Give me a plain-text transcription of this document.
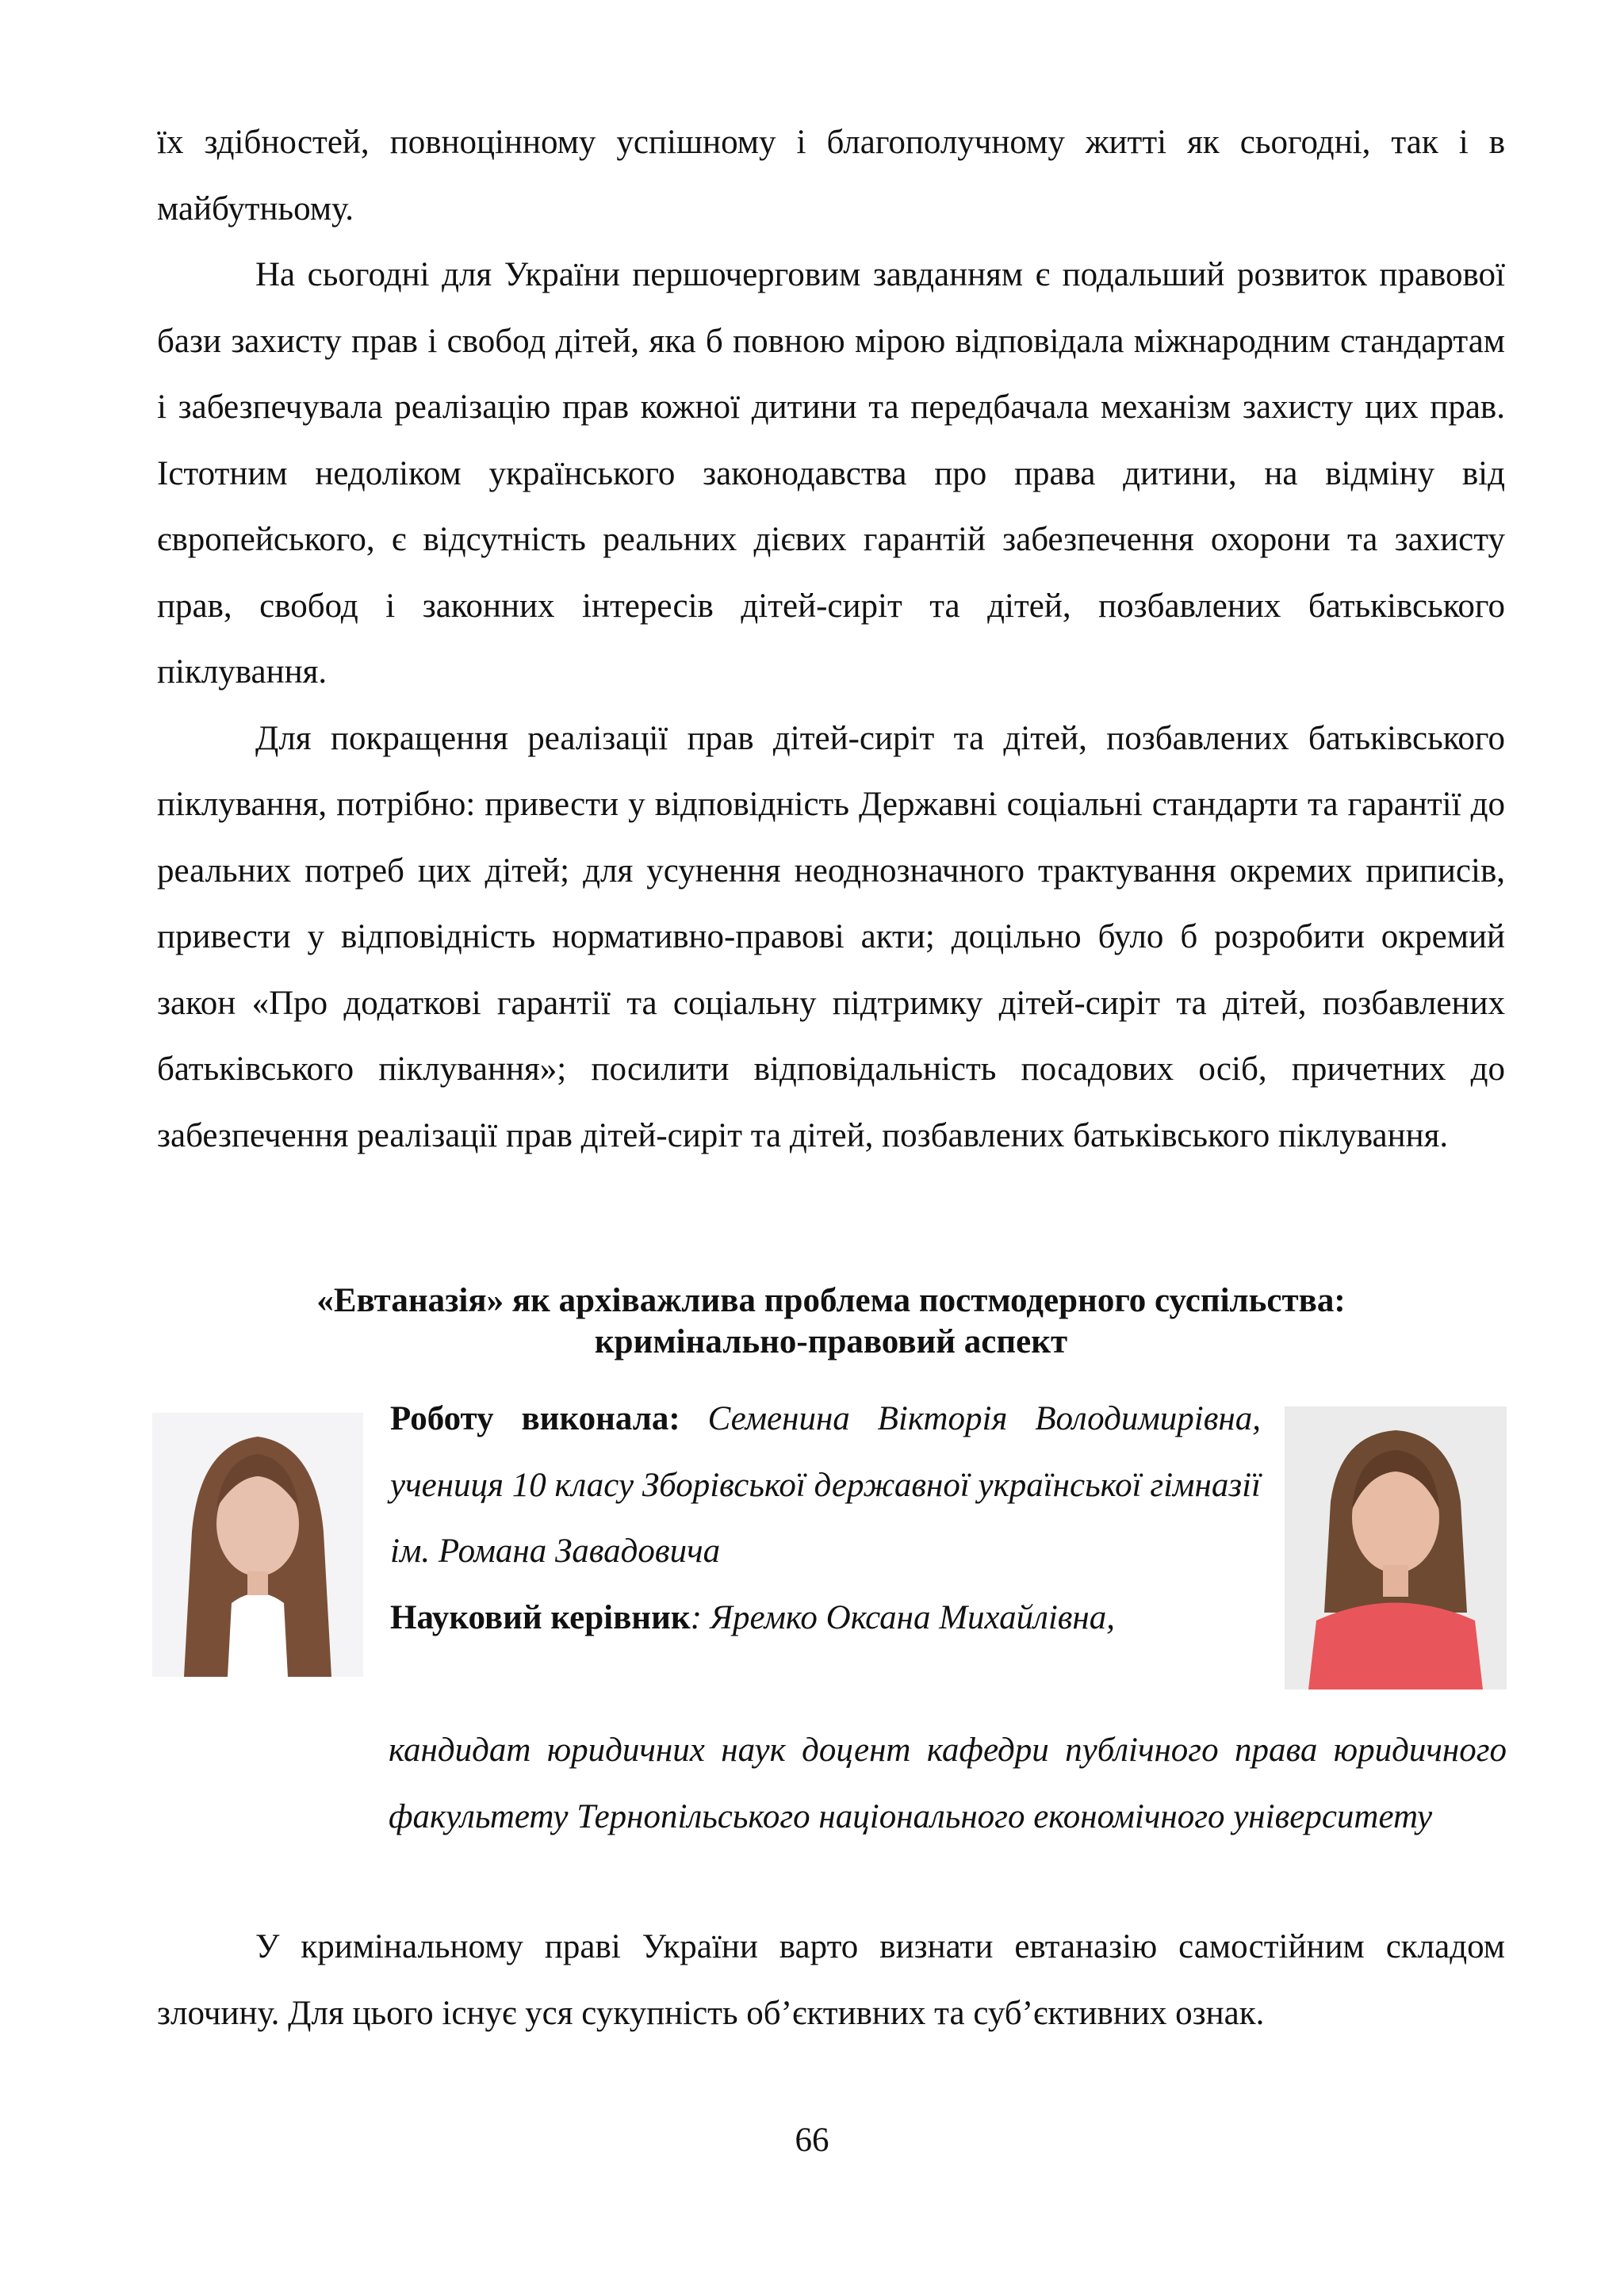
їх здібностей, повноцінному успішному і благополучному житті як сьогодні, так і в майбутньому.

На сьогодні для України першочерговим завданням є подальший розвиток правової бази захисту прав і свобод дітей, яка б повною мірою відповідала міжнародним стандартам і забезпечувала реалізацію прав кожної дитини та передбачала механізм захисту цих прав. Істотним недоліком українського законодавства про права дитини, на відміну від європейського, є відсутність реальних дієвих гарантій забезпечення охорони та захисту прав, свобод і законних інтересів дітей-сиріт та дітей, позбавлених батьківського піклування.

Для покращення реалізації прав дітей-сиріт та дітей, позбавлених батьківського піклування, потрібно: привести у відповідність Державні соціальні стандарти та гарантії до реальних потреб цих дітей; для усунення неоднозначного трактування окремих приписів, привести у відповідність нормативно-правові акти; доцільно було б розробити окремий закон «Про додаткові гарантії та соціальну підтримку дітей-сиріт та дітей, позбавлених батьківського піклування»; посилити відповідальність посадових осіб, причетних до забезпечення реалізації прав дітей-сиріт та дітей, позбавлених батьківського піклування.

«Евтаназія» як архіважлива проблема постмодерного суспільства:
кримінально-правовий аспект

Роботу виконала: Семенина Вікторія Володимирівна, учениця 10 класу Зборівської державної української гімназії ім. Романа Завадовича

Науковий керівник: Яремко Оксана Михайлівна,

кандидат юридичних наук доцент кафедри публічного права юридичного факультету Тернопільського національного економічного університету

У кримінальному праві України варто визнати евтаназію самостійним складом злочину. Для цього існує уся сукупність об’єктивних та суб’єктивних ознак.

66
